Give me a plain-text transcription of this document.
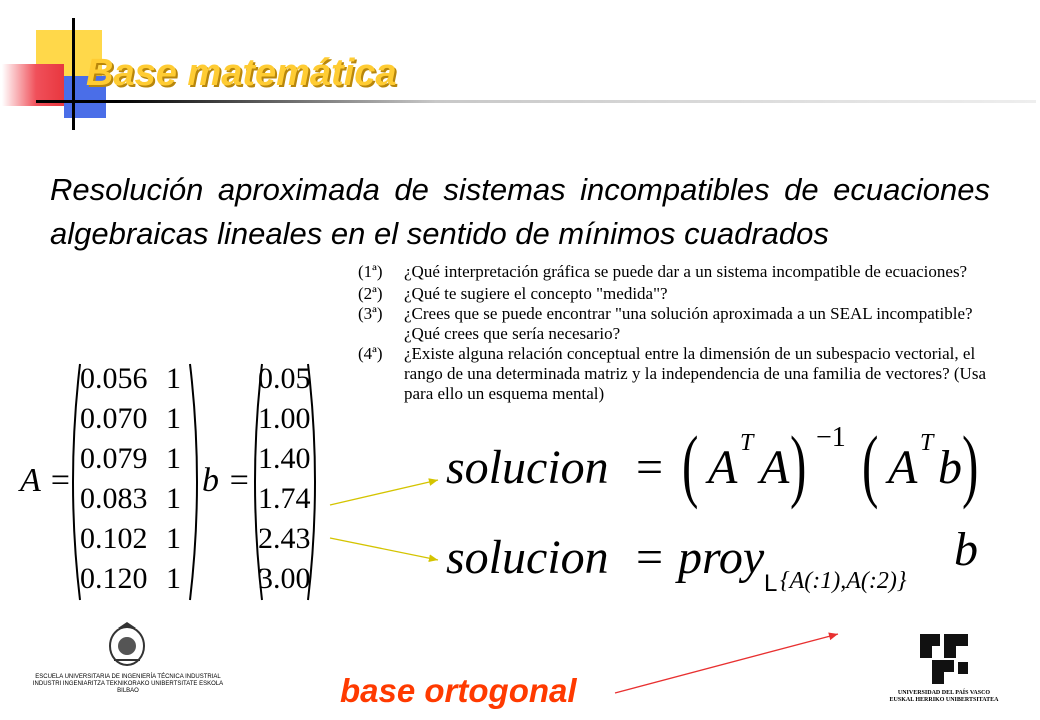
Base matemática
Resolución aproximada de sistemas incompatibles de ecuaciones algebraicas lineales en el sentido de mínimos cuadrados
(1ª) ¿Qué interpretación gráfica se puede dar a un sistema incompatible de ecuaciones?
(2ª) ¿Qué te sugiere el concepto "medida"?
(3ª) ¿Crees que se puede encontrar "una solución aproximada a un SEAL incompatible?
¿Qué crees que sería necesario?
(4ª) ¿Existe alguna relación conceptual entre la dimensión de un subespacio vectorial, el
rango de una determinada matriz y la independencia de una familia de vectores? (Usa
para ello un esquema mental)
A =
0.056
0.070
0.079
0.083
0.102
0.120
1
1
1
1
1
1
b =
0.05
1.00
1.40
1.74
2.43
3.00
solucion = ( A T A ) −1 ( A T b )
solucion = proy L {A(:1),A(:2)}
b
ESCUELA UNIVERSITARIA DE INGENIERÍA TÉCNICA INDUSTRIAL
INDUSTRI INGENIARITZA TEKNIKORAKO UNIBERTSITATE ESKOLA
BILBAO	UNIVERSIDAD DEL PAÍS VASCO
EUSKAL HERRIKO UNIBERTSITATEA
base ortogonal
